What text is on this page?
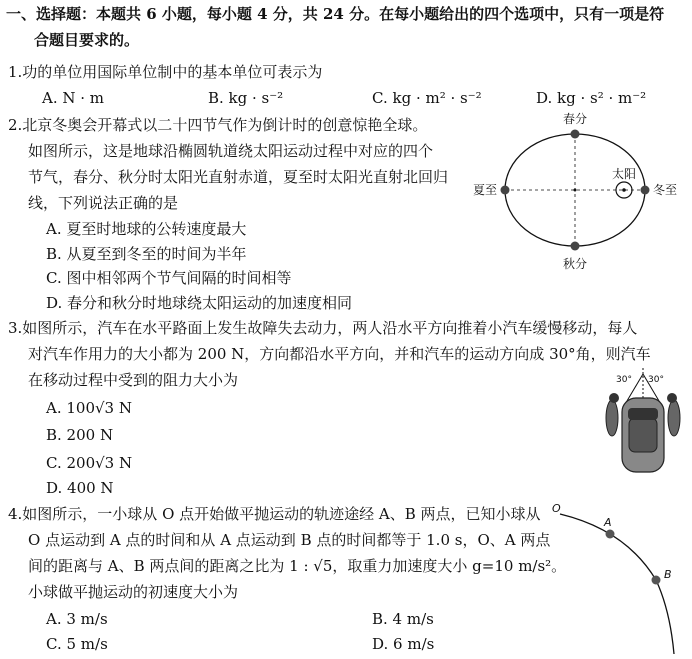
一、选择题：本题共 6 小题，每小题 4 分，共 24 分。在每小题给出的四个选项中，只有一项是符
合题目要求的。
1.功的单位用国际单位制中的基本单位可表示为
A. N · m	B. kg · s⁻²	C. kg · m² · s⁻²	D. kg · s² · m⁻²
2.北京冬奥会开幕式以二十四节气作为倒计时的创意惊艳全球。
如图所示，这是地球沿椭圆轨道绕太阳运动过程中对应的四个
节气，春分、秋分时太阳光直射赤道，夏至时太阳光直射北回归
线，下列说法正确的是
A. 夏至时地球的公转速度最大
B. 从夏至到冬至的时间为半年
C. 图中相邻两个节气间隔的时间相等
D. 春分和秋分时地球绕太阳运动的加速度相同
春分
秋分
夏至	冬至
太阳
3.如图所示，汽车在水平路面上发生故障失去动力，两人沿水平方向推着小汽车缓慢移动，每人
对汽车作用力的大小都为 200 N，方向都沿水平方向，并和汽车的运动方向成 30°角，则汽车
在移动过程中受到的阻力大小为
A. 100√3 N
B. 200 N
C. 200√3 N
D. 400 N
30° 30°
4.如图所示，一小球从 O 点开始做平抛运动的轨迹途经 A、B 两点，已知小球从
O 点运动到 A 点的时间和从 A 点运动到 B 点的时间都等于 1.0 s，O、A 两点
间的距离与 A、B 两点间的距离之比为 1 : √5，取重力加速度大小 g=10 m/s²。
小球做平抛运动的初速度大小为
A. 3 m/s	B. 4 m/s
C. 5 m/s	D. 6 m/s
O
A
B
